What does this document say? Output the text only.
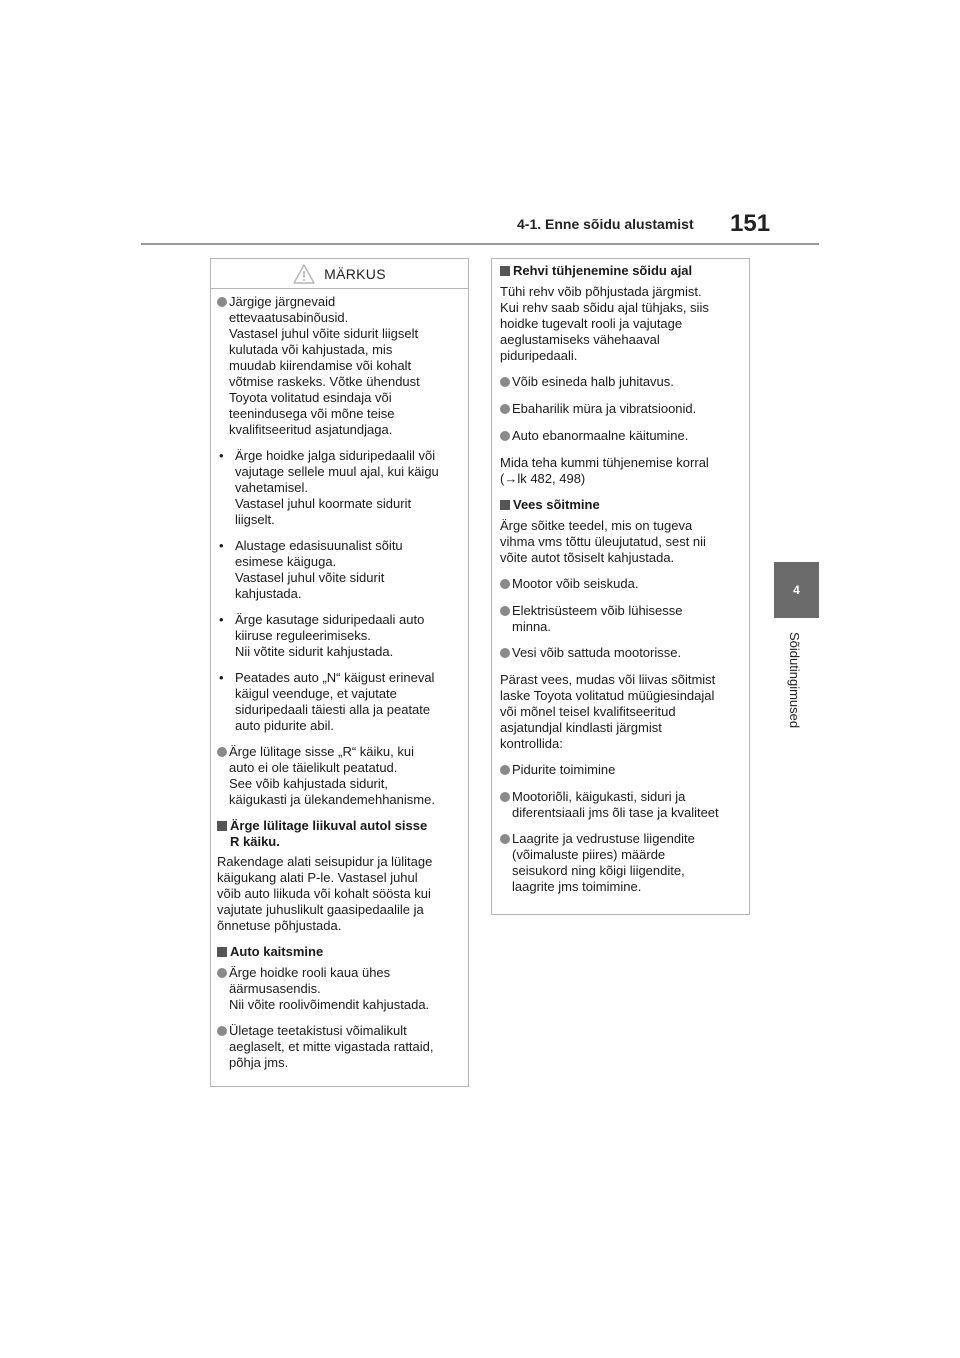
4-1. Enne sõidu alustamist 151
4
Sõidutingimused
MÄRKUS
Järgige järgnevaid
ettevaatusabinõusid.
Vastasel juhul võite sidurit liigselt
kulutada või kahjustada, mis
muudab kiirendamise või kohalt
võtmise raskeks. Võtke ühendust
Toyota volitatud esindaja või
teenindusega või mõne teise
kvalifitseeritud asjatundjaga.
• Ärge hoidke jalga siduripedaalil või
vajutage sellele muul ajal, kui käigu
vahetamisel.
Vastasel juhul koormate sidurit
liigselt.
• Alustage edasisuunalist sõitu
esimese käiguga.
Vastasel juhul võite sidurit
kahjustada.
• Ärge kasutage siduripedaali auto
kiiruse reguleerimiseks.
Nii võtite sidurit kahjustada.
• Peatades auto „N“ käigust erineval
käigul veenduge, et vajutate
siduripedaali täiesti alla ja peatate
auto pidurite abil.
Ärge lülitage sisse „R“ käiku, kui
auto ei ole täielikult peatatud.
See võib kahjustada sidurit,
käigukasti ja ülekandemehhanisme.
Ärge lülitage liikuval autol sisse
R käiku.
Rakendage alati seisupidur ja lülitage
käigukang alati P-le. Vastasel juhul
võib auto liikuda või kohalt söösta kui
vajutate juhuslikult gaasipedaalile ja
õnnetuse põhjustada.
Auto kaitsmine
Ärge hoidke rooli kaua ühes
äärmusasendis.
Nii võite roolivõimendit kahjustada.
Ületage teetakistusi võimalikult
aeglaselt, et mitte vigastada rattaid,
põhja jms.
Rehvi tühjenemine sõidu ajal
Tühi rehv võib põhjustada järgmist.
Kui rehv saab sõidu ajal tühjaks, siis
hoidke tugevalt rooli ja vajutage
aeglustamiseks vähehaaval
piduripedaali.
Võib esineda halb juhitavus.
Ebaharilik müra ja vibratsioonid.
Auto ebanormaalne käitumine.
Mida teha kummi tühjenemise korral
(→lk 482, 498)
Vees sõitmine
Ärge sõitke teedel, mis on tugeva
vihma vms tõttu üleujutatud, sest nii
võite autot tõsiselt kahjustada.
Mootor võib seiskuda.
Elektrisüsteem võib lühisesse
minna.
Vesi võib sattuda mootorisse.
Pärast vees, mudas või liivas sõitmist
laske Toyota volitatud müügiesindajal
või mõnel teisel kvalifitseeritud
asjatundjal kindlasti järgmist
kontrollida:
Pidurite toimimine
Mootoriõli, käigukasti, siduri ja
diferentsiaali jms õli tase ja kvaliteet
Laagrite ja vedrustuse liigendite
(võimaluste piires) määrde
seisukord ning kõigi liigendite,
laagrite jms toimimine.
